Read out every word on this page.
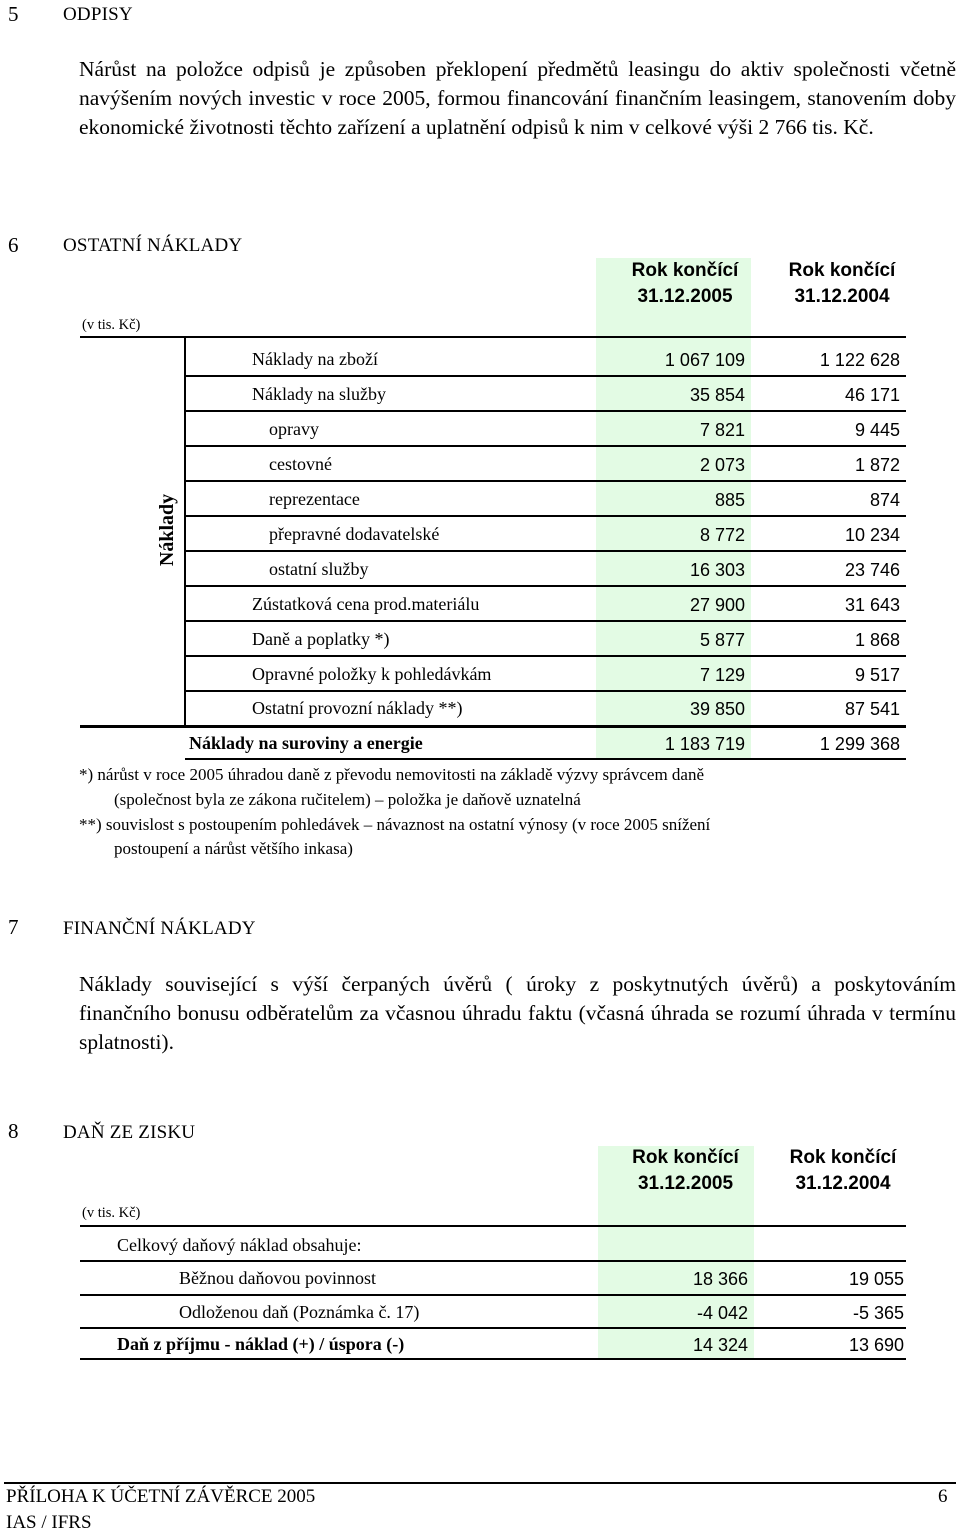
5 ODPISY
Nárůst na položce odpisů je způsoben překlopení předmětů leasingu do aktiv společnosti včetně navýšením nových investic v roce 2005, formou financování finančním leasingem, stanovením doby ekonomické životnosti těchto zařízení a uplatnění odpisů k nim v celkové výši 2 766 tis. Kč.
6 OSTATNÍ NÁKLADY
(v tis. Kč)
Rok končící 31.12.2005
Rok končící 31.12.2004
Náklady
Náklady na zboží	1 067 109	1 122 628
Náklady na služby	35 854	46 171
opravy	7 821	9 445
cestovné	2 073	1 872
reprezentace	885	874
přepravné dodavatelské	8 772	10 234
ostatní služby	16 303	23 746
Zústatková cena prod.materiálu	27 900	31 643
Daně a poplatky *)	5 877	1 868
Opravné položky k pohledávkám	7 129	9 517
Ostatní provozní náklady **)	39 850	87 541
Náklady na suroviny a energie	1 183 719	1 299 368
*) nárůst v roce 2005 úhradou daně z převodu nemovitosti na základě výzvy správcem daně
(společnost byla ze zákona ručitelem) – položka je daňově uznatelná
**) souvislost s postoupením pohledávek – návaznost na ostatní výnosy (v roce 2005 snížení
postoupení a nárůst většího inkasa)
7 FINANČNÍ NÁKLADY
Náklady související s výší čerpaných úvěrů ( úroky z poskytnutých úvěrů) a poskytováním finančního bonusu odběratelům za včasnou úhradu faktu (včasná úhrada se rozumí úhrada v termínu splatnosti).
8 DAŇ ZE ZISKU
(v tis. Kč)
Rok končící 31.12.2005
Rok končící 31.12.2004
Celkový daňový náklad obsahuje:
Běžnou daňovou povinnost	18 366	19 055
Odloženou daň (Poznámka č. 17)	-4 042	-5 365
Daň z příjmu - náklad (+) / úspora (-)	14 324	13 690
PŘÍLOHA K ÚČETNÍ ZÁVĚRCE 2005
IAS / IFRS
6
